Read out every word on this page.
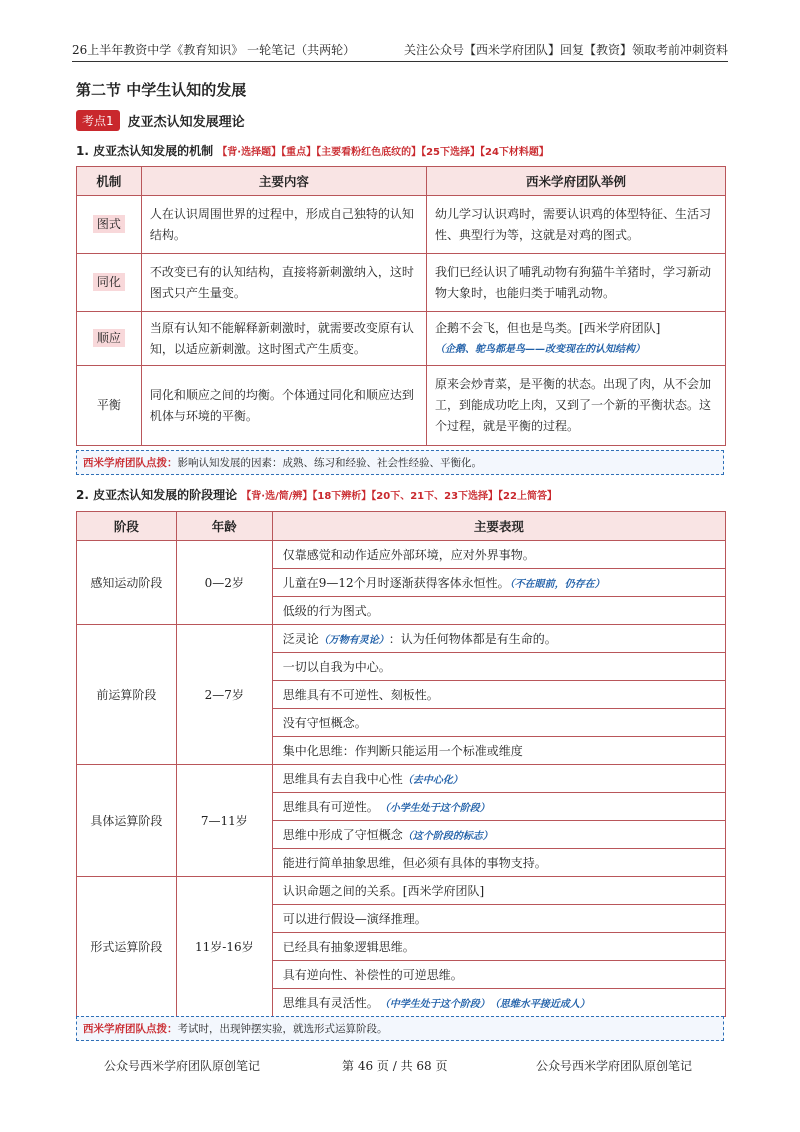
26上半年教资中学《教育知识》 一轮笔记（共两轮）	关注公众号【西米学府团队】回复【教资】领取考前冲刺资料
第二节 中学生认知的发展
考点1	皮亚杰认知发展理论
1. 皮亚杰认知发展的机制 【背·选择题】【重点】【主要看粉红色底纹的】【25下选择】【24下材料题】
机制	主要内容	西米学府团队举例
图式	人在认识周围世界的过程中，形成自己独特的认知结构。	幼儿学习认识鸡时，需要认识鸡的体型特征、生活习性、典型行为等，这就是对鸡的图式。
同化	不改变已有的认知结构，直接将新刺激纳入，这时图式只产生量变。	我们已经认识了哺乳动物有狗猫牛羊猪时，学习新动物大象时，也能归类于哺乳动物。
顺应	当原有认知不能解释新刺激时，就需要改变原有认知，以适应新刺激。这时图式产生质变。	企鹅不会飞，但也是鸟类。[西米学府团队]
（企鹅、鸵鸟都是鸟——改变现在的认知结构）

平衡	同化和顺应之间的均衡。个体通过同化和顺应达到机体与环境的平衡。	原来会炒青菜，是平衡的状态。出现了肉，从不会加工，到能成功吃上肉，又到了一个新的平衡状态。这个过程，就是平衡的过程。
西米学府团队点拨：影响认知发展的因素：成熟、练习和经验、社会性经验、平衡化。
2. 皮亚杰认知发展的阶段理论 【背·选/简/辨】【18下辨析】【20下、21下、23下选择】【22上简答】
阶段	年龄	主要表现
感知运动阶段	0—2岁	仅靠感觉和动作适应外部环境，应对外界事物。
		儿童在9—12个月时逐渐获得客体永恒性。（不在眼前，仍存在）
		低级的行为图式。
前运算阶段	2—7岁	泛灵论（万物有灵论）：认为任何物体都是有生命的。
		一切以自我为中心。
		思维具有不可逆性、刻板性。
		没有守恒概念。
		集中化思维：作判断只能运用一个标准或维度
具体运算阶段	7—11岁	思维具有去自我中心性（去中心化）
		思维具有可逆性。　 （小学生处于这个阶段）
		思维中形成了守恒概念（这个阶段的标志）
		能进行简单抽象思维，但必须有具体的事物支持。
形式运算阶段	11岁-16岁	认识命题之间的关系。[西米学府团队]
		可以进行假设—演绎推理。
		已经具有抽象逻辑思维。
		具有逆向性、补偿性的可逆思维。
		思维具有灵活性。　 （中学生处于这个阶段）　（思维水平接近成人）
西米学府团队点拨：考试时，出现钟摆实验，就选形式运算阶段。
公众号西米学府团队原创笔记	第 46 页 / 共 68 页	公众号西米学府团队原创笔记
